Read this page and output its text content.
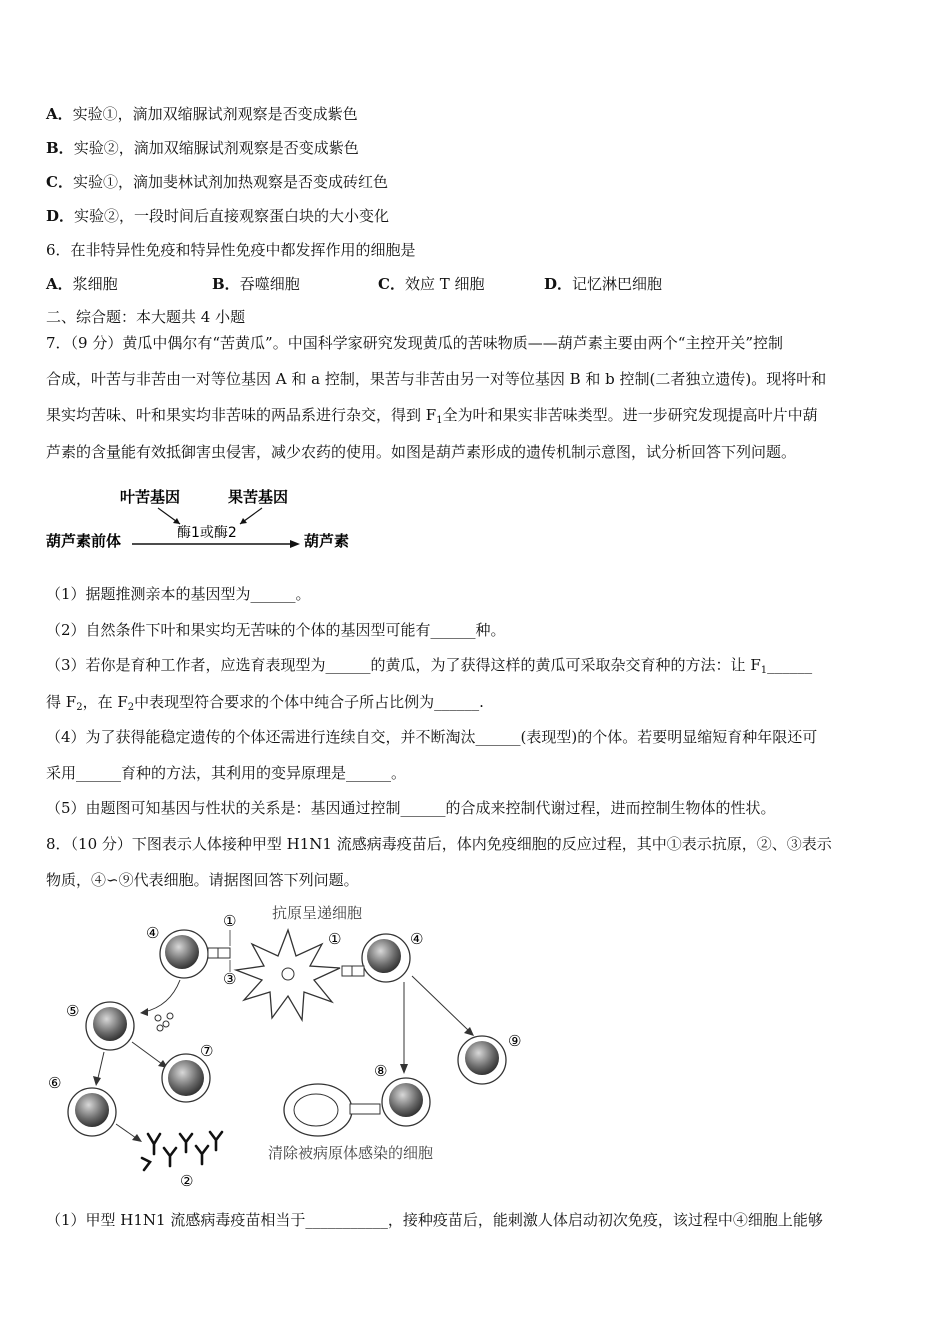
A．实验①，滴加双缩脲试剂观察是否变成紫色
B．实验②，滴加双缩脲试剂观察是否变成紫色
C．实验①，滴加斐林试剂加热观察是否变成砖红色
D．实验②，一段时间后直接观察蛋白块的大小变化
6．在非特异性免疫和特异性免疫中都发挥作用的细胞是
A．浆细胞	B．吞噬细胞	C．效应 T 细胞	D．记忆淋巴细胞
二、综合题：本大题共 4 小题
7．（9 分）黄瓜中偶尔有“苦黄瓜”。中国科学家研究发现黄瓜的苦味物质——葫芦素主要由两个“主控开关”控制
合成，叶苦与非苦由一对等位基因 A 和 a 控制，果苦与非苦由另一对等位基因 B 和 b 控制(二者独立遗传)。现将叶和
果实均苦味、叶和果实均非苦味的两品系进行杂交，得到 $F_1$全为叶和果实非苦味类型。进一步研究发现提高叶片中葫
芦素的含量能有效抵御害虫侵害，减少农药的使用。如图是葫芦素形成的遗传机制示意图，试分析回答下列问题。
叶苦基因	果苦基因
酶1或酶2
葫芦素前体	葫芦素
（1）据题推测亲本的基因型为______。
（2）自然条件下叶和果实均无苦味的个体的基因型可能有______种。
（3）若你是育种工作者，应选育表现型为______的黄瓜，为了获得这样的黄瓜可采取杂交育种的方法：让 $F_1\_\_\_\_\_\_$
得 $F_2$，在 $F_2$中表现型符合要求的个体中纯合子所占比例为______.
（4）为了获得能稳定遗传的个体还需进行连续自交，并不断淘汰______(表现型)的个体。若要明显缩短育种年限还可
采用______育种的方法，其利用的变异原理是______。
（5）由题图可知基因与性状的关系是：基因通过控制______的合成来控制代谢过程，进而控制生物体的性状。
8．（10 分）下图表示人体接种甲型 H1N1 流感病毒疫苗后，体内免疫细胞的反应过程，其中①表示抗原，②、③表示
物质，④∽⑨代表细胞。请据图回答下列问题。
抗原呈递细胞
④
①
③
④
①
⑤
⑦
⑥
②
⑨
⑧
清除被病原体感染的细胞
（1）甲型 H1N1 流感病毒疫苗相当于___________，接种疫苗后，能刺激人体启动初次免疫，该过程中④细胞上能够
